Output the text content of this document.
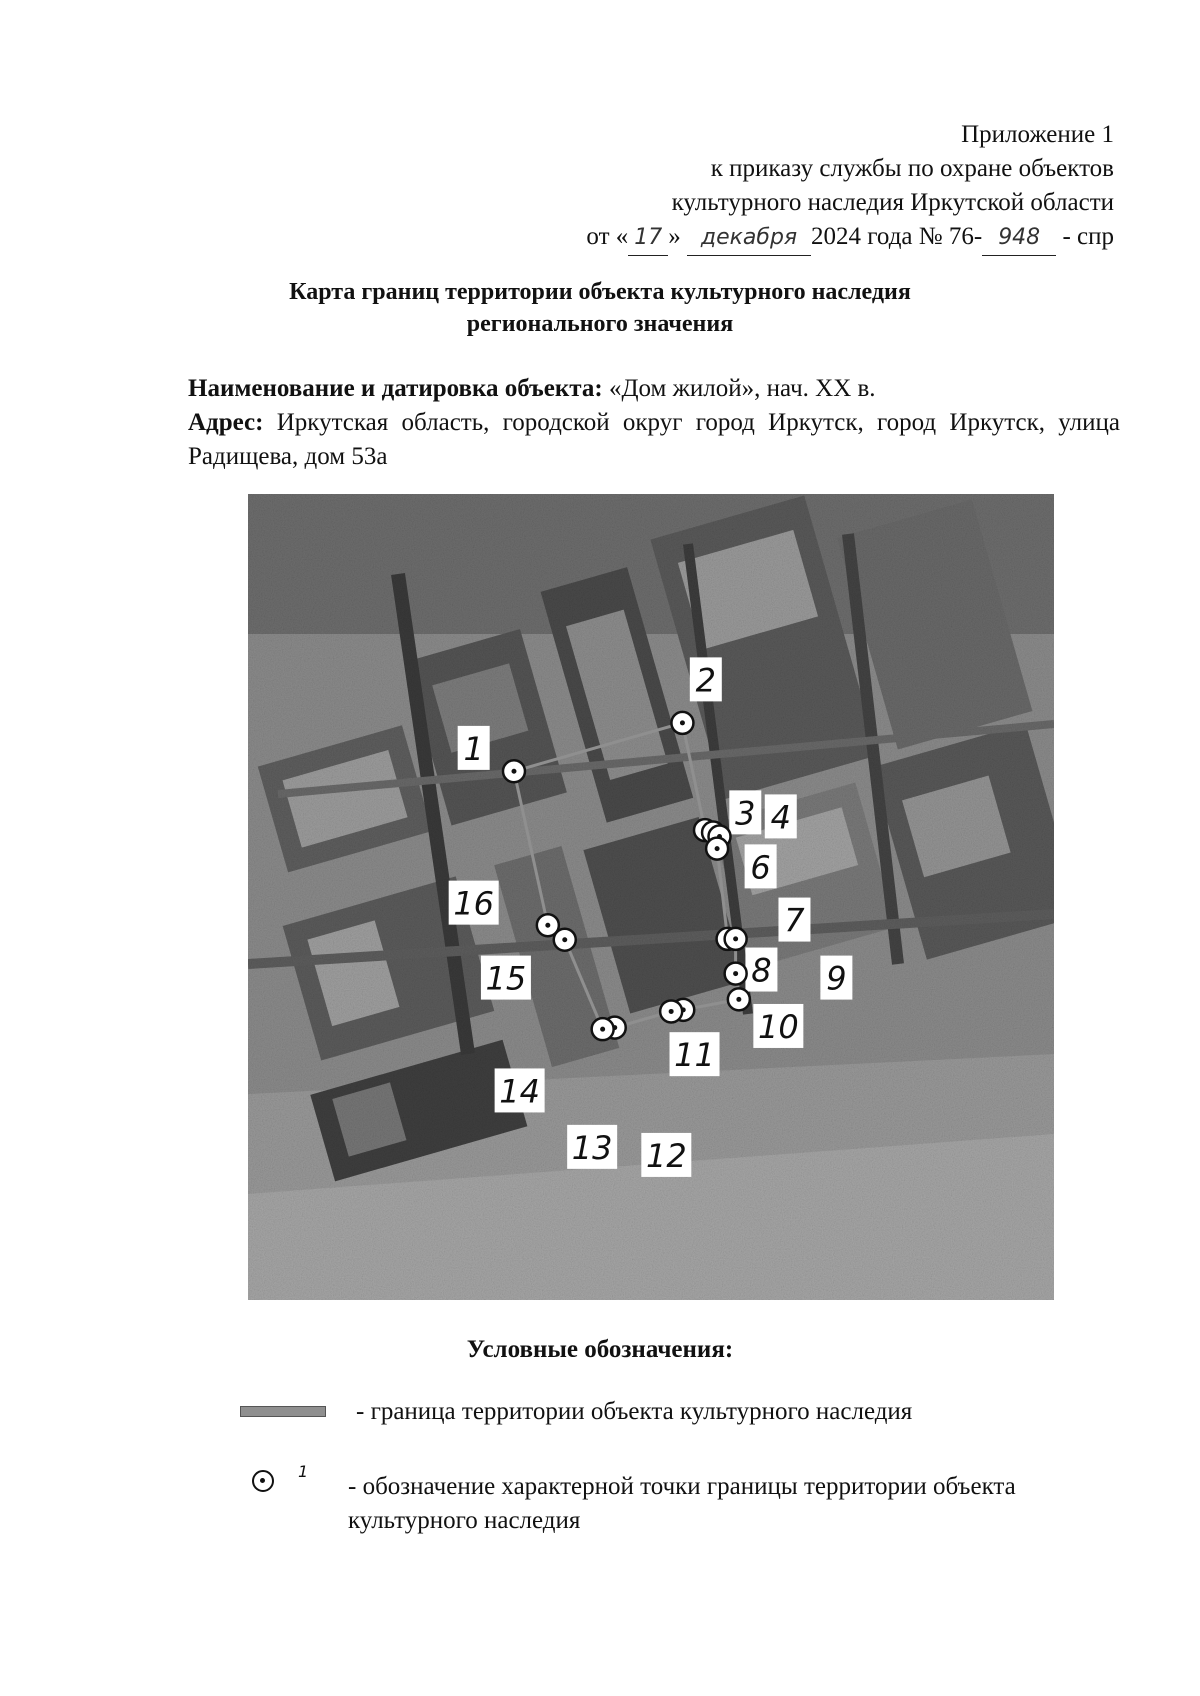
Приложение 1
к приказу службы по охране объектов
культурного наследия Иркутской области
от « 17 » декабря 2024 года № 76- 948 - спр
Карта границ территории объекта культурного наследия
регионального значения
Наименование и датировка объекта: «Дом жилой», нач. XX в.
Адрес: Иркутская область, городской округ город Иркутск, город Иркутск, улица Радищева, дом 53а
1
2
3 4
6
7
8 9
10
11
12
13
14
15
16
Условные обозначения:
- граница территории объекта культурного наследия
1
- обозначение характерной точки границы территории объекта культурного наследия
